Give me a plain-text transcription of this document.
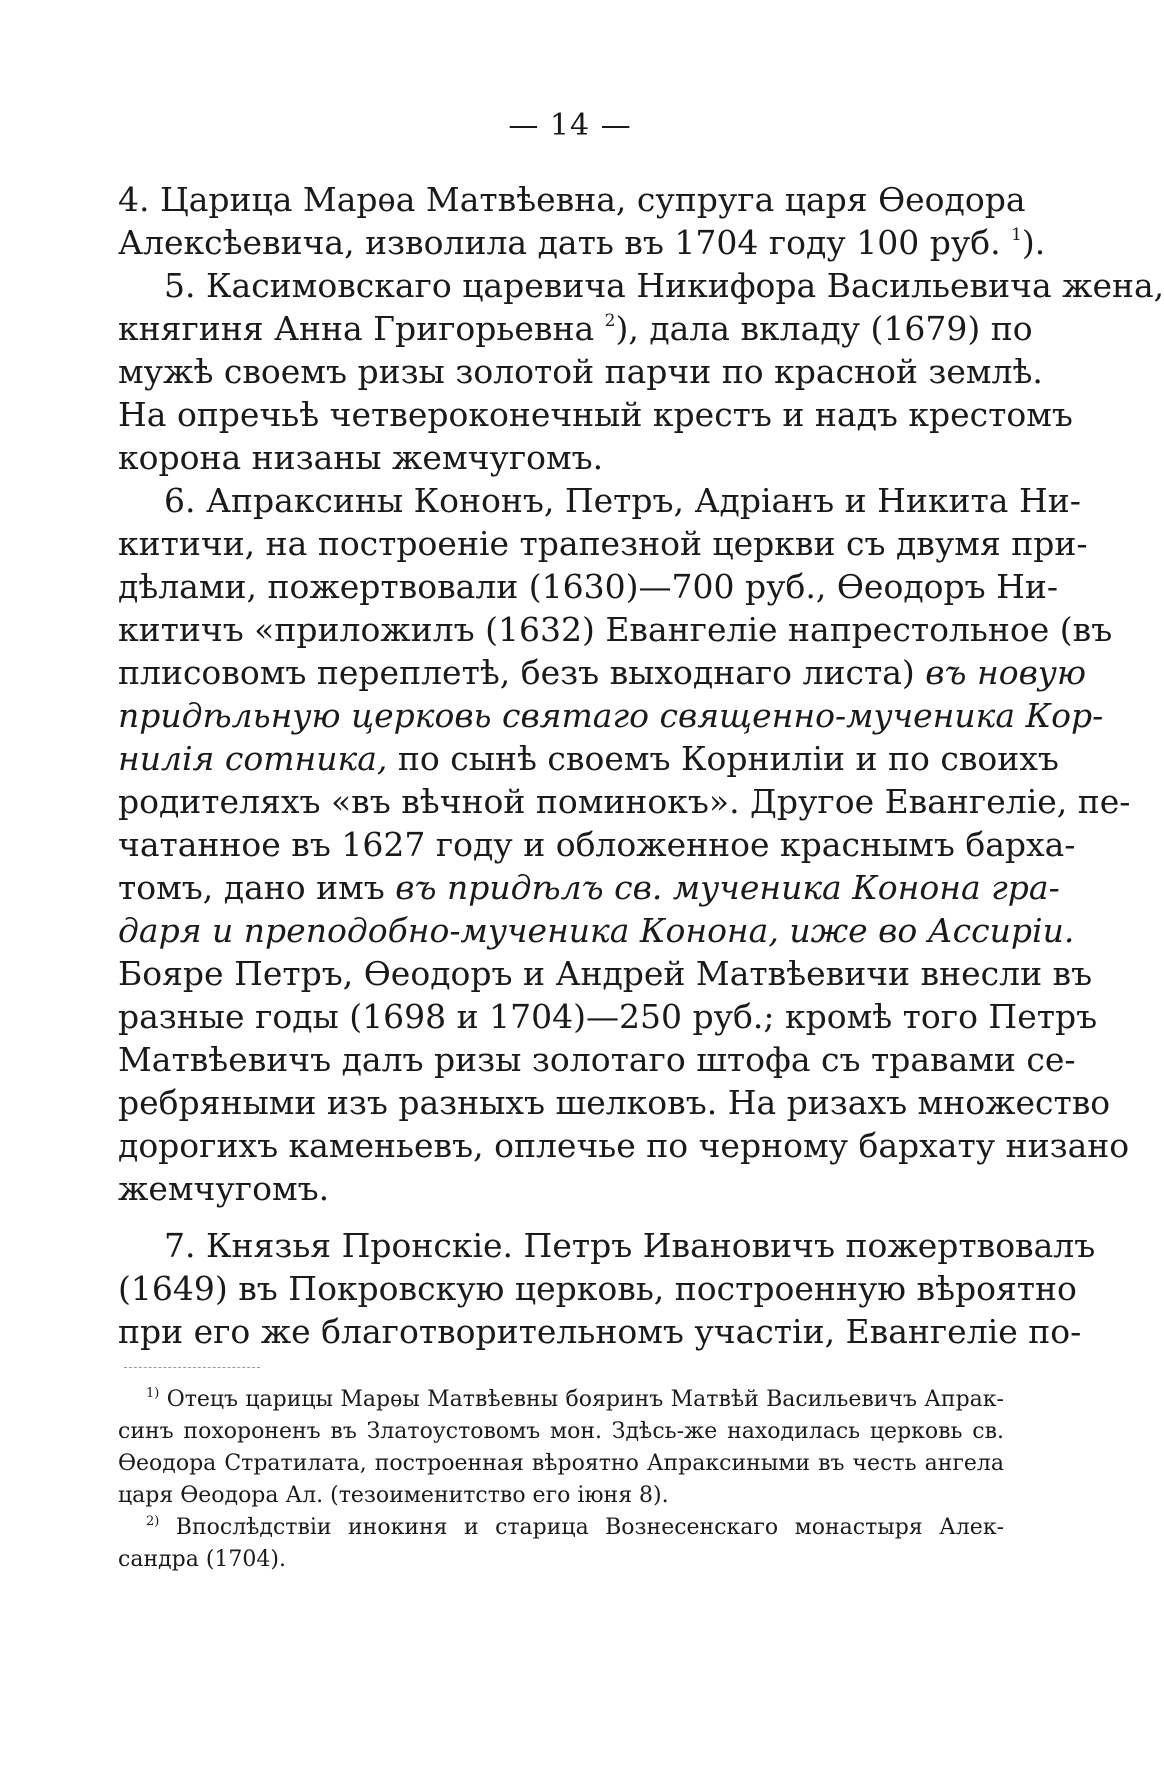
— 14 —
4. Царица Марѳа Матвѣевна, супруга царя Ѳеодора
Алексѣевича, изволила дать въ 1704 году 100 руб. $^1$).
5. Касимовскаго царевича Никифора Васильевича жена,
княгиня Анна Григорьевна $^2$), дала вкладу (1679) по
мужѣ своемъ ризы золотой парчи по красной землѣ.
На опречьѣ четвероконечный крестъ и надъ крестомъ
корона низаны жемчугомъ.
6. Апраксины Кононъ, Петръ, Адріанъ и Никита Ни-
китичи, на построеніе трапезной церкви съ двумя при-
дѣлами, пожертвовали (1630)—700 руб., Ѳеодоръ Ни-
китичъ «приложилъ (1632) Евангеліе напрестольное (въ
плисовомъ переплетѣ, безъ выходнаго листа) въ новую
придѣльную церковь святаго священно-мученика Кор-
нилія сотника, по сынѣ своемъ Корниліи и по своихъ
родителяхъ «въ вѣчной поминокъ». Другое Евангеліе, пе-
чатанное въ 1627 году и обложенное краснымъ барха-
томъ, дано имъ въ придѣлъ св. мученика Конона гра-
даря и преподобно-мученика Конона, иже во Ассиріи.
Бояре Петръ, Ѳеодоръ и Андрей Матвѣевичи внесли въ
разные годы (1698 и 1704)—250 руб.; кромѣ того Петръ
Матвѣевичъ далъ ризы золотаго штофа съ травами се-
ребряными изъ разныхъ шелковъ. На ризахъ множество
дорогихъ каменьевъ, оплечье по черному бархату низано
жемчугомъ.
7. Князья Пронскіе. Петръ Ивановичъ пожертвовалъ
(1649) въ Покровскую церковь, построенную вѣроятно
при его же благотворительномъ участіи, Евангеліе по-
$^{1)}$ Отецъ царицы Марѳы Матвѣевны бояринъ Матвѣй Васильевичъ Апрак-
синъ похороненъ въ Златоустовомъ мон. Здѣсь-же находилась церковь св.
Ѳеодора Стратилата, построенная вѣроятно Апраксиными въ честь ангела
царя Ѳеодора Ал. (тезоименитство его іюня 8).
$^{2)}$ Впослѣдствіи инокиня и старица Вознесенскаго монастыря Алек-
сандра (1704).
